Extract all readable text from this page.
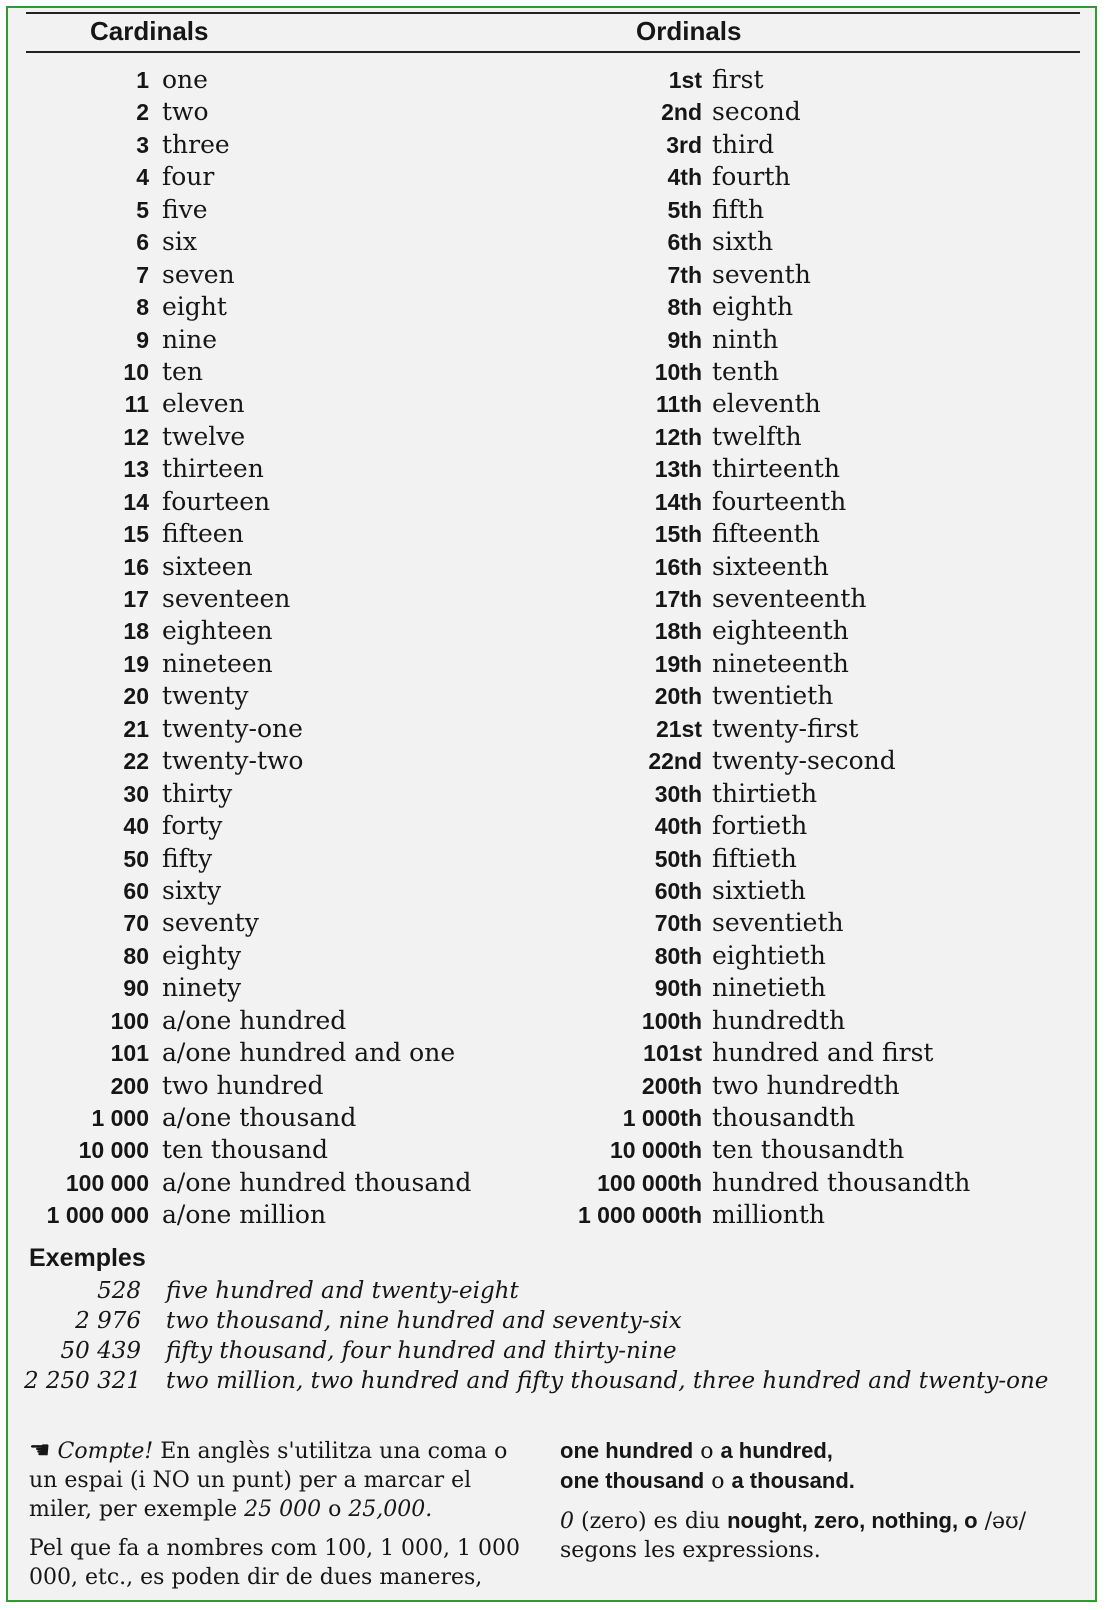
Cardinals	Ordinals
1 one	1st first
2 two	2nd second
3 three	3rd third
4 four	4th fourth
5 five	5th fifth
6 six	6th sixth
7 seven	7th seventh
8 eight	8th eighth
9 nine	9th ninth
10 ten	10th tenth
11 eleven	11th eleventh
12 twelve	12th twelfth
13 thirteen	13th thirteenth
14 fourteen	14th fourteenth
15 fifteen	15th fifteenth
16 sixteen	16th sixteenth
17 seventeen	17th seventeenth
18 eighteen	18th eighteenth
19 nineteen	19th nineteenth
20 twenty	20th twentieth
21 twenty-one	21st twenty-first
22 twenty-two	22nd twenty-second
30 thirty	30th thirtieth
40 forty	40th fortieth
50 fifty	50th fiftieth
60 sixty	60th sixtieth
70 seventy	70th seventieth
80 eighty	80th eightieth
90 ninety	90th ninetieth
100 a/one hundred	100th hundredth
101 a/one hundred and one	101st hundred and first
200 two hundred	200th two hundredth
1 000 a/one thousand	1 000th thousandth
10 000 ten thousand	10 000th ten thousandth
100 000 a/one hundred thousand	100 000th hundred thousandth
1 000 000 a/one million	1 000 000th millionth
Exemples
528 five hundred and twenty-eight
2 976 two thousand, nine hundred and seventy-six
50 439 fifty thousand, four hundred and thirty-nine
2 250 321 two million, two hundred and fifty thousand, three hundred and twenty-one
☛ Compte! En anglès s'utilitza una coma o un espai (i NO un punt) per a marcar el miler, per exemple 25 000 o 25,000.
Pel que fa a nombres com 100, 1 000, 1 000 000, etc., es poden dir de dues maneres,
one hundred o a hundred,
one thousand o a thousand.
0 (zero) es diu nought, zero, nothing, o /əʊ/ segons les expressions.
